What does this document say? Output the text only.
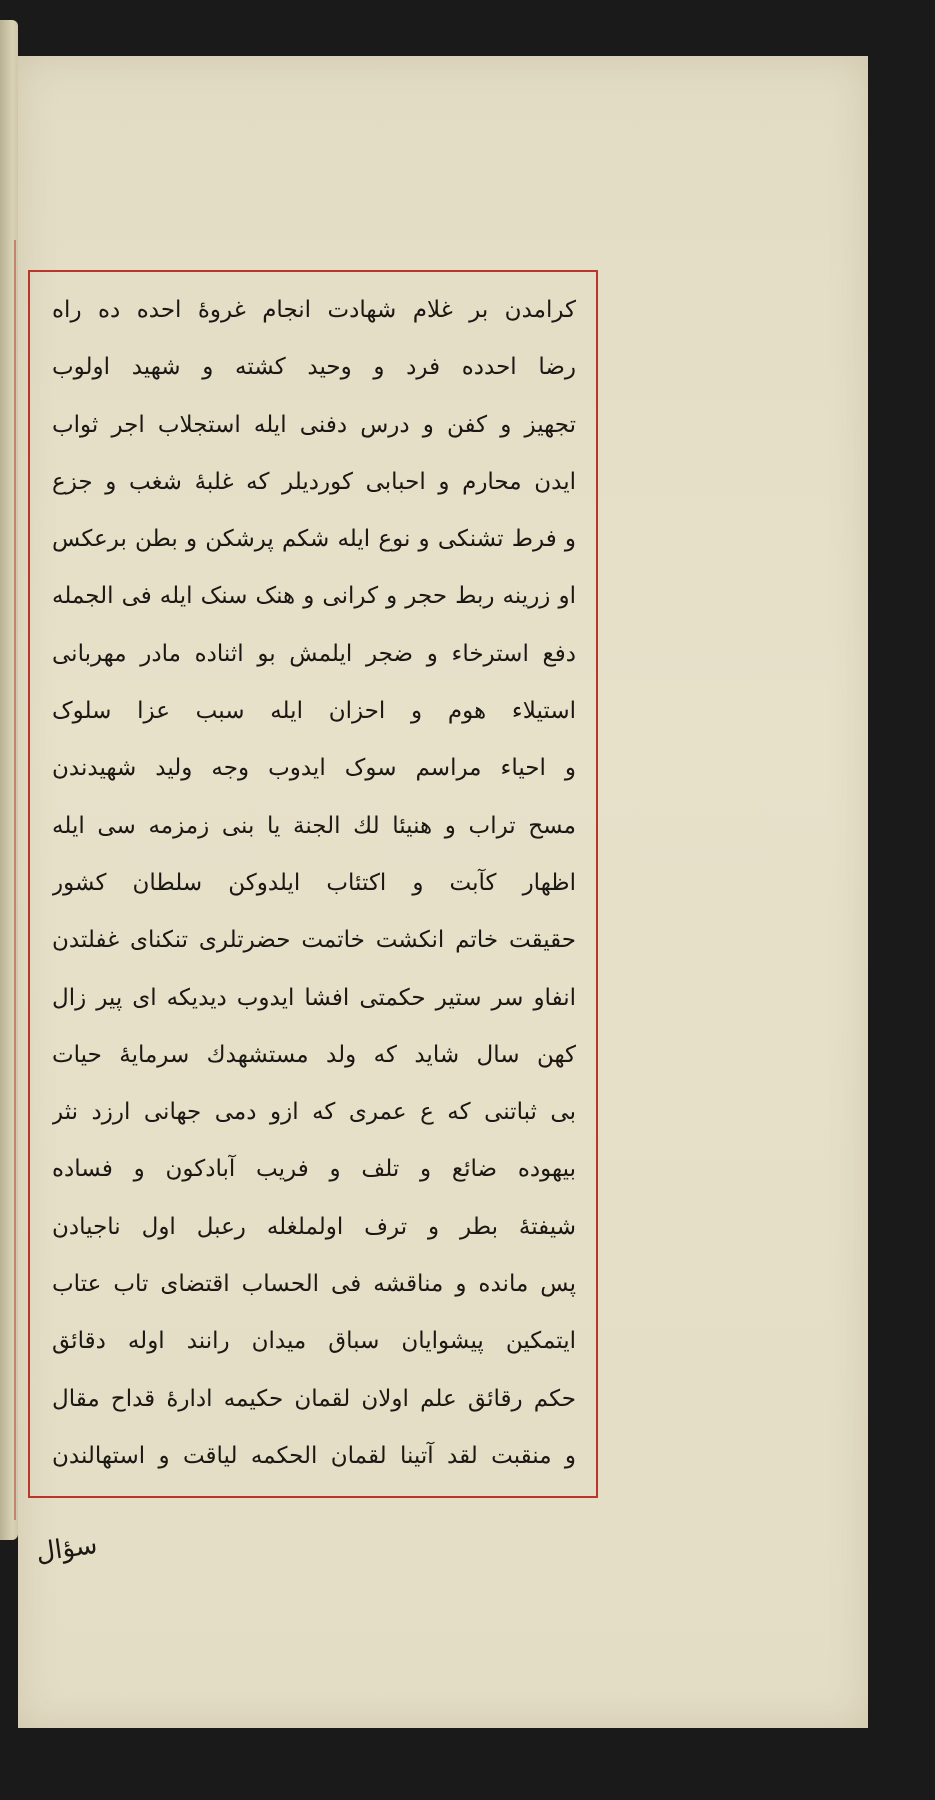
کرامدن بر غلام شهادت انجام غروۀ احده ده راه
رضا احدده فرد و وحید کشته و شهید اولوب
تجهیز و کفن و درس دفنی ایله استجلاب اجر ثواب
ایدن محارم و احبابی کوردیلر که غلبۀ شغب و جزع
و فرط تشنکی و نوع ایله شکم پرشکن و بطن برعکس
او زرینه ربط حجر و کرانی و هنک سنک ایله فی الجمله
دفع استرخاء و ضجر ایلمش بو اثناده مادر مهربانی
استیلاء هوم و احزان ایله سبب عزا سلوک
و احیاء مراسم سوک ایدوب وجه ولید شهیدندن
مسح تراب و هنیئا لك الجنة یا بنی زمزمه سی ایله
اظهار کآبت و اکتئاب ایلدوکن سلطان کشور
حقیقت خاتم انکشت خاتمت حضرتلری تنکنای غفلتدن
انفاو سر ستیر حکمتی افشا ایدوب دیدیکه ای پیر زال
کهن سال شاید که ولد مستشهدك سرمایۀ حیات
بی ثباتنی که ع عمری که ازو دمی جهانی ارزد نثر
بیهوده ضائع و تلف و فریب آبادکون و فساده
شیفتۀ بطر و ترف اولملغله رعبل اول ناجیادن
پس مانده و مناقشه فی الحساب اقتضای تاب عتاب
ایتمکین پیشوایان سباق میدان رانند اوله دقائق
حکم رقائق علم اولان لقمان حکیمه ادارۀ قداح مقال
و منقبت لقد آتینا لقمان الحکمه لیاقت و استهالندن
سؤال
